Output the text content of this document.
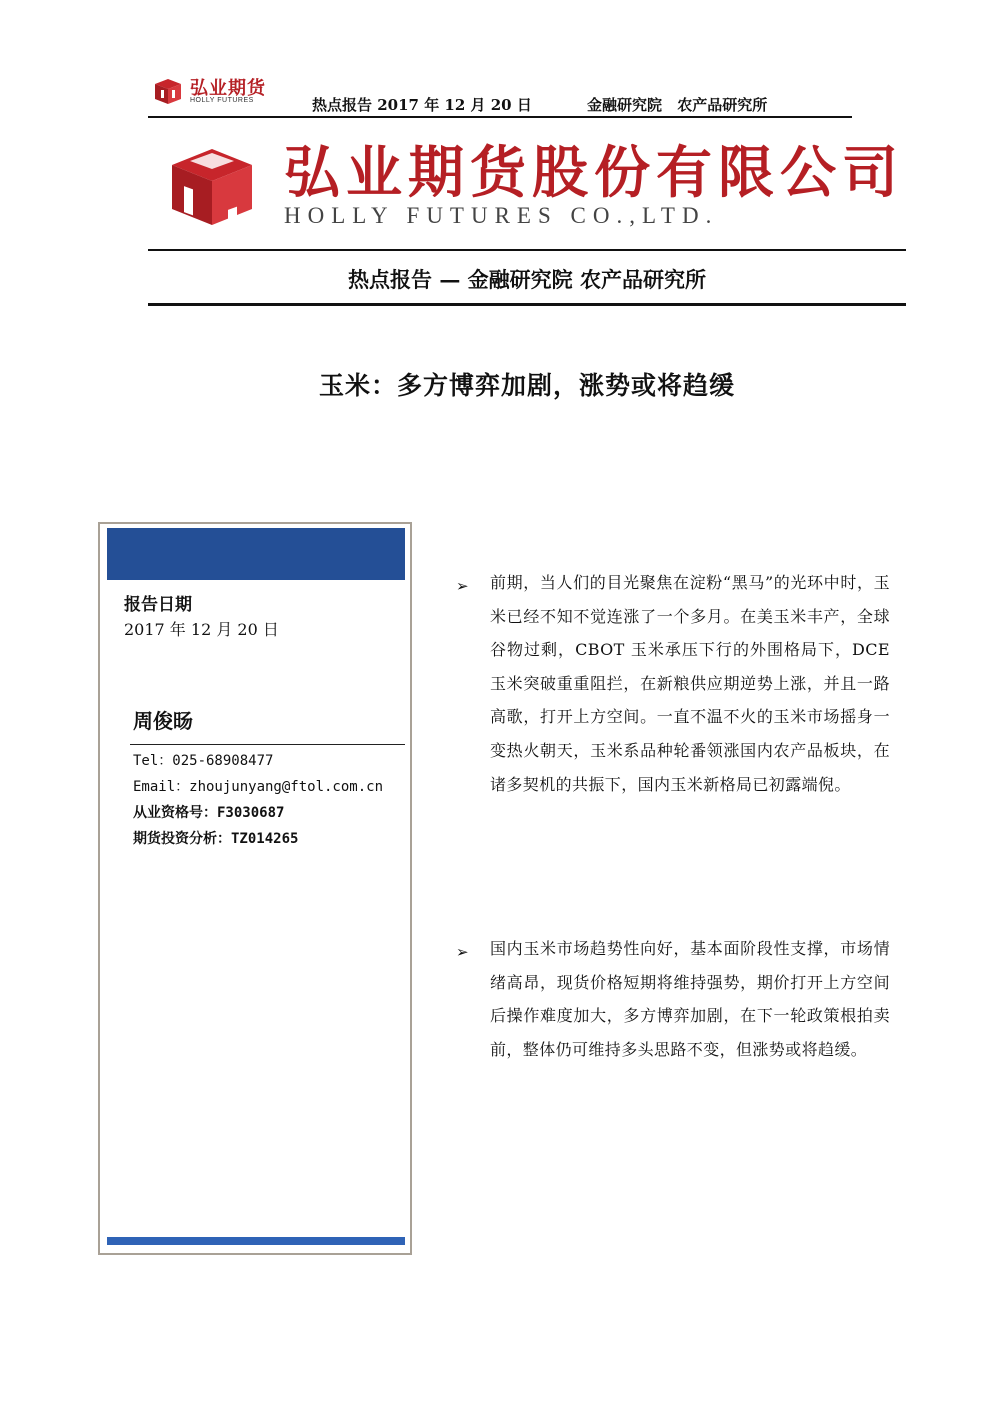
弘业期货
HOLLY FUTURES	热点报告 2017 年 12 月 20 日	金融研究院 农产品研究所
弘业期货股份有限公司
HOLLY FUTURES CO.,LTD.
热点报告 — 金融研究院 农产品研究所
玉米：多方博弈加剧，涨势或将趋缓
报告日期
2017 年 12 月 20 日
周俊旸
Tel：025-68908477
Email：zhoujunyang@ftol.com.cn
从业资格号：F3030687
期货投资分析：TZ014265
➢ 前期，当人们的目光聚焦在淀粉“黑马”的光环中时，玉米已经不知不觉连涨了一个多月。在美玉米丰产，全球谷物过剩，CBOT 玉米承压下行的外围格局下，DCE 玉米突破重重阻拦，在新粮供应期逆势上涨，并且一路高歌，打开上方空间。一直不温不火的玉米市场摇身一变热火朝天，玉米系品种轮番领涨国内农产品板块，在诸多契机的共振下，国内玉米新格局已初露端倪。
➢ 国内玉米市场趋势性向好，基本面阶段性支撑，市场情绪高昂，现货价格短期将维持强势，期价打开上方空间后操作难度加大，多方博弈加剧，在下一轮政策根拍卖前，整体仍可维持多头思路不变，但涨势或将趋缓。
